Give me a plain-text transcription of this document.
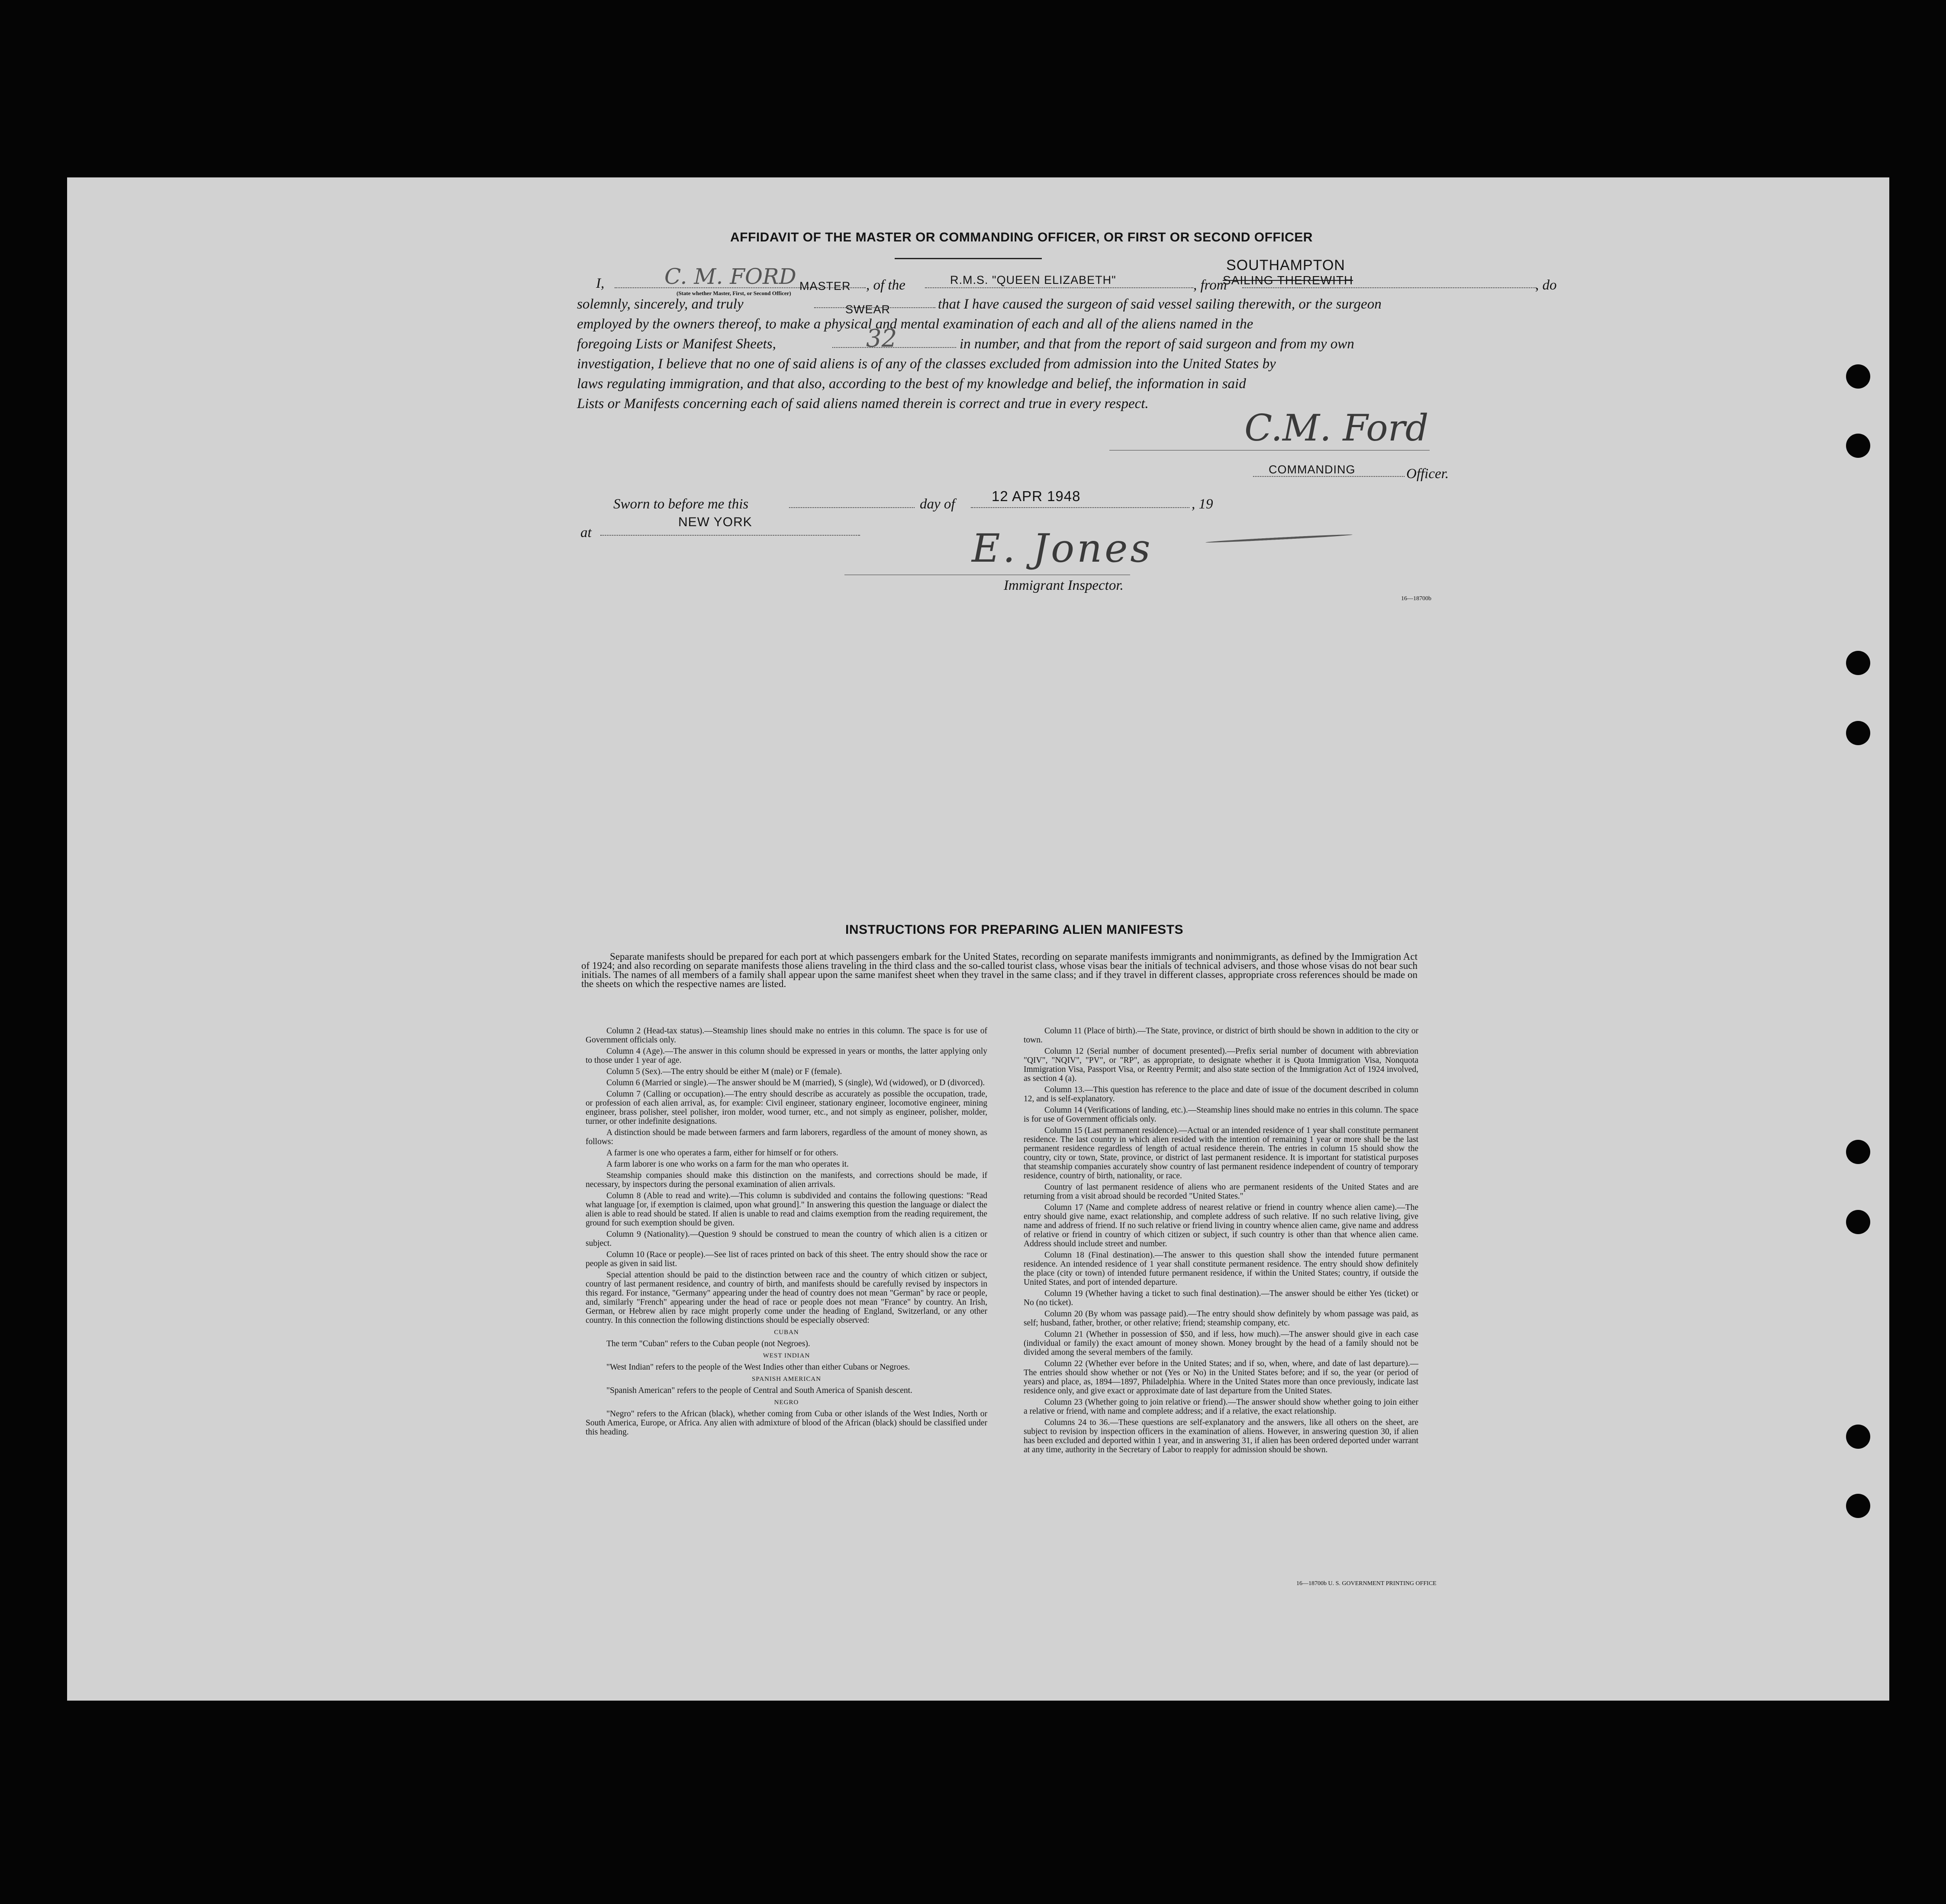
AFFIDAVIT OF THE MASTER OR COMMANDING OFFICER, OR FIRST OR SECOND OFFICER
I,	C. M. FORD MASTER
(State whether Master, First, or Second Officer)
, of the	R.M.S. "QUEEN ELIZABETH"	, from
SOUTHAMPTON
SAILING THEREWITH	, do
solemnly, sincerely, and truly	SWEAR	that I have caused the surgeon of said vessel sailing therewith, or the surgeon
employed by the owners thereof, to make a physical and mental examination of each and all of the aliens named in the
foregoing Lists or Manifest Sheets,	32	in number, and that from the report of said surgeon and from my own
investigation, I believe that no one of said aliens is of any of the classes excluded from admission into the United States by
laws regulating immigration, and that also, according to the best of my knowledge and belief, the information in said
Lists or Manifests concerning each of said aliens named therein is correct and true in every respect.
C.M. Ford
COMMANDING	Officer.
Sworn to before me this	day of	12 APR 1948	, 19
at
NEW YORK
E. Jones
Immigrant Inspector.
16—18700b
INSTRUCTIONS FOR PREPARING ALIEN MANIFESTS

Separate manifests should be prepared for each port at which passengers embark for the United States, recording on separate manifests immigrants and nonimmigrants, as defined by the Immigration Act of 1924; and also recording on separate manifests those aliens traveling in the third class and the so-called tourist class, whose visas bear the initials of technical advisers, and those whose visas do not bear such initials. The names of all members of a family shall appear upon the same manifest sheet when they travel in the same class; and if they travel in different classes, appropriate cross references should be made on the sheets on which the respective names are listed.

Column 2 (Head-tax status).—Steamship lines should make no entries in this column. The space is for use of Government officials only.

Column 4 (Age).—The answer in this column should be expressed in years or months, the latter applying only to those under 1 year of age.

Column 5 (Sex).—The entry should be either M (male) or F (female).

Column 6 (Married or single).—The answer should be M (married), S (single), Wd (widowed), or D (divorced).

Column 7 (Calling or occupation).—The entry should describe as accurately as possible the occupation, trade, or profession of each alien arrival, as, for example: Civil engineer, stationary engineer, locomotive engineer, mining engineer, brass polisher, steel polisher, iron molder, wood turner, etc., and not simply as engineer, polisher, molder, turner, or other indefinite designations.

A distinction should be made between farmers and farm laborers, regardless of the amount of money shown, as follows:

A farmer is one who operates a farm, either for himself or for others.

A farm laborer is one who works on a farm for the man who operates it.

Steamship companies should make this distinction on the manifests, and corrections should be made, if necessary, by inspectors during the personal examination of alien arrivals.

Column 8 (Able to read and write).—This column is subdivided and contains the following questions: "Read what language [or, if exemption is claimed, upon what ground]." In answering this question the language or dialect the alien is able to read should be stated. If alien is unable to read and claims exemption from the reading requirement, the ground for such exemption should be given.

Column 9 (Nationality).—Question 9 should be construed to mean the country of which alien is a citizen or subject.

Column 10 (Race or people).—See list of races printed on back of this sheet. The entry should show the race or people as given in said list.

Special attention should be paid to the distinction between race and the country of which citizen or subject, country of last permanent residence, and country of birth, and manifests should be carefully revised by inspectors in this regard. For instance, "Germany" appearing under the head of country does not mean "German" by race or people, and, similarly "French" appearing under the head of race or people does not mean "France" by country. An Irish, German, or Hebrew alien by race might properly come under the heading of England, Switzerland, or any other country. In this connection the following distinctions should be especially observed:

CUBAN

The term "Cuban" refers to the Cuban people (not Negroes).

WEST INDIAN

"West Indian" refers to the people of the West Indies other than either Cubans or Negroes.

SPANISH AMERICAN

"Spanish American" refers to the people of Central and South America of Spanish descent.

NEGRO

"Negro" refers to the African (black), whether coming from Cuba or other islands of the West Indies, North or South America, Europe, or Africa. Any alien with admixture of blood of the African (black) should be classified under this heading.

Column 11 (Place of birth).—The State, province, or district of birth should be shown in addition to the city or town.

Column 12 (Serial number of document presented).—Prefix serial number of document with abbreviation "QIV", "NQIV", "PV", or "RP", as appropriate, to designate whether it is Quota Immigration Visa, Nonquota Immigration Visa, Passport Visa, or Reentry Permit; and also state section of the Immigration Act of 1924 involved, as section 4 (a).

Column 13.—This question has reference to the place and date of issue of the document described in column 12, and is self-explanatory.

Column 14 (Verifications of landing, etc.).—Steamship lines should make no entries in this column. The space is for use of Government officials only.

Column 15 (Last permanent residence).—Actual or an intended residence of 1 year shall constitute permanent residence. The last country in which alien resided with the intention of remaining 1 year or more shall be the last permanent residence regardless of length of actual residence therein. The entries in column 15 should show the country, city or town, State, province, or district of last permanent residence. It is important for statistical purposes that steamship companies accurately show country of last permanent residence independent of country of temporary residence, country of birth, nationality, or race.

Country of last permanent residence of aliens who are permanent residents of the United States and are returning from a visit abroad should be recorded "United States."

Column 17 (Name and complete address of nearest relative or friend in country whence alien came).—The entry should give name, exact relationship, and complete address of such relative. If no such relative living, give name and address of friend. If no such relative or friend living in country whence alien came, give name and address of relative or friend in country of which citizen or subject, if such country is other than that whence alien came. Address should include street and number.

Column 18 (Final destination).—The answer to this question shall show the intended future permanent residence. An intended residence of 1 year shall constitute permanent residence. The entry should show definitely the place (city or town) of intended future permanent residence, if within the United States; country, if outside the United States, and port of intended departure.

Column 19 (Whether having a ticket to such final destination).—The answer should be either Yes (ticket) or No (no ticket).

Column 20 (By whom was passage paid).—The entry should show definitely by whom passage was paid, as self; husband, father, brother, or other relative; friend; steamship company, etc.

Column 21 (Whether in possession of $50, and if less, how much).—The answer should give in each case (individual or family) the exact amount of money shown. Money brought by the head of a family should not be divided among the several members of the family.

Column 22 (Whether ever before in the United States; and if so, when, where, and date of last departure).—The entries should show whether or not (Yes or No) in the United States before; and if so, the year (or period of years) and place, as, 1894—1897, Philadelphia. Where in the United States more than once previously, indicate last residence only, and give exact or approximate date of last departure from the United States.

Column 23 (Whether going to join relative or friend).—The answer should show whether going to join either a relative or friend, with name and complete address; and if a relative, the exact relationship.

Columns 24 to 36.—These questions are self-explanatory and the answers, like all others on the sheet, are subject to revision by inspection officers in the examination of aliens. However, in answering question 30, if alien has been excluded and deported within 1 year, and in answering 31, if alien has been ordered deported under warrant at any time, authority in the Secretary of Labor to reapply for admission should be shown.

16—18700b U. S. GOVERNMENT PRINTING OFFICE
